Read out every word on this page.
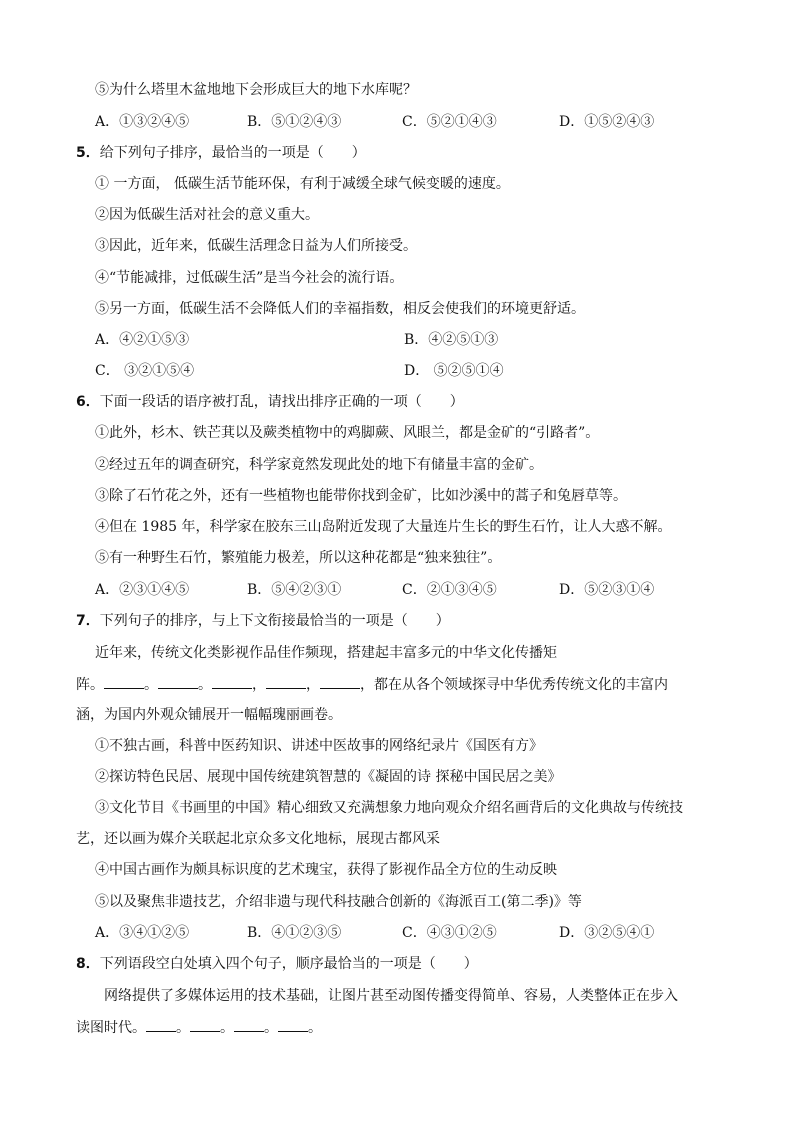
⑤为什么塔里木盆地地下会形成巨大的地下水库呢？
A．①③②④⑤	B．⑤①②④③	C．⑤②①④③	D．①⑤②④③
5．给下列句子排序，最恰当的一项是（　　）
① 一方面， 低碳生活节能环保，有利于减缓全球气候变暖的速度。
②因为低碳生活对社会的意义重大。
③因此，近年来，低碳生活理念日益为人们所接受。
④“节能减排，过低碳生活”是当今社会的流行语。
⑤另一方面，低碳生活不会降低人们的幸福指数，相反会使我们的环境更舒适。
A．④②①⑤③	B．④②⑤①③
C． ③②①⑤④	D． ⑤②⑤①④
6．下面一段话的语序被打乱，请找出排序正确的一项（　　）
①此外，杉木、铁芒萁以及蕨类植物中的鸡脚蕨、风眼兰，都是金矿的“引路者”。
②经过五年的调查研究，科学家竟然发现此处的地下有储量丰富的金矿。
③除了石竹花之外，还有一些植物也能带你找到金矿，比如沙溪中的蒿子和兔唇草等。
④但在 1985 年，科学家在胶东三山岛附近发现了大量连片生长的野生石竹，让人大惑不解。
⑤有一种野生石竹，繁殖能力极差，所以这种花都是“独来独往”。
A．②③①④⑤	B．⑤④②③①	C．②①③④⑤	D．⑤②③①④
7．下列句子的排序，与上下文衔接最恰当的一项是（　　）
近年来，传统文化类影视作品佳作频现，搭建起丰富多元的中华文化传播矩
阵。	。	。	，	，	，都在从各个领域探寻中华优秀传统文化的丰富内
涵，为国内外观众铺展开一幅幅瑰丽画卷。
①不独古画，科普中医药知识、讲述中医故事的网络纪录片《国医有方》
②探访特色民居、展现中国传统建筑智慧的《凝固的诗 探秘中国民居之美》
③文化节目《书画里的中国》精心细致又充满想象力地向观众介绍名画背后的文化典故与传统技
艺，还以画为媒介关联起北京众多文化地标，展现古都风采
④中国古画作为颇具标识度的艺术瑰宝，获得了影视作品全方位的生动反映
⑤以及聚焦非遗技艺，介绍非遗与现代科技融合创新的《海派百工(第二季)》等
A．③④①②⑤	B．④①②③⑤	C．④③①②⑤	D．③②⑤④①
8．下列语段空白处填入四个句子，顺序最恰当的一项是（　　）
网络提供了多媒体运用的技术基础，让图片甚至动图传播变得简单、容易，人类整体正在步入
读图时代。 。 。 。 。
